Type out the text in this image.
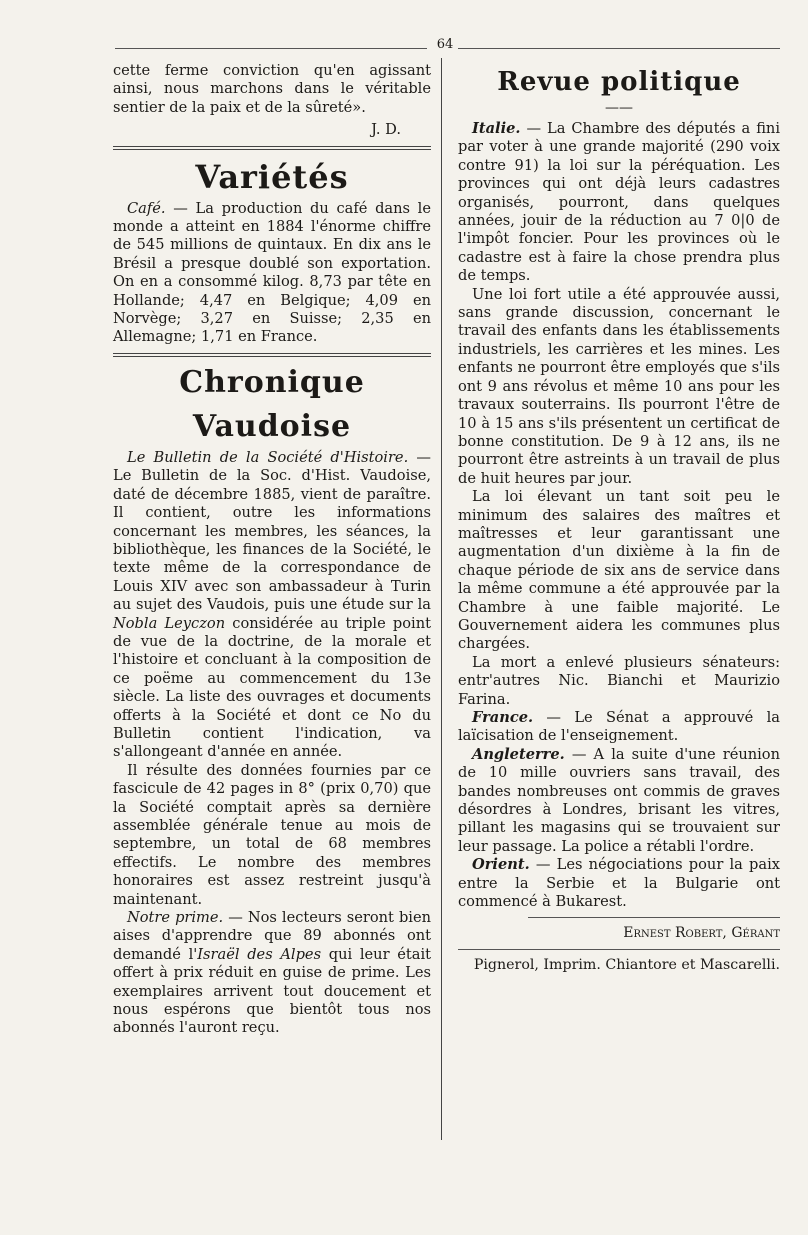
64

cette ferme conviction qu'en agissant ainsi, nous marchons dans le véritable sentier de la paix et de la sûreté».

J. D.

Variétés

Café. — La production du café dans le monde a atteint en 1884 l'énorme chiffre de 545 millions de quintaux. En dix ans le Brésil a presque doublé son exportation. On en a consommé kilog. 8,73 par tête en Hollande; 4,47 en Belgique; 4,09 en Norvège; 3,27 en Suisse; 2,35 en Allemagne; 1,71 en France.

Chronique Vaudoise

Le Bulletin de la Société d'Histoire. — Le Bulletin de la Soc. d'Hist. Vaudoise, daté de décembre 1885, vient de paraître. Il contient, outre les informations concernant les membres, les séances, la bibliothèque, les finances de la Société, le texte même de la correspondance de Louis XIV avec son ambassadeur à Turin au sujet des Vaudois, puis une étude sur la Nobla Leyczon considérée au triple point de vue de la doctrine, de la morale et l'histoire et concluant à la composition de ce poëme au commencement du 13e siècle. La liste des ouvrages et documents offerts à la Société et dont ce No du Bulletin contient l'indication, va s'allongeant d'année en année.

Il résulte des données fournies par ce fascicule de 42 pages in 8° (prix 0,70) que la Société comptait après sa dernière assemblée générale tenue au mois de septembre, un total de 68 membres effectifs. Le nombre des membres honoraires est assez restreint jusqu'à maintenant.

Notre prime. — Nos lecteurs seront bien aises d'apprendre que 89 abonnés ont demandé l'Israël des Alpes qui leur était offert à prix réduit en guise de prime. Les exemplaires arrivent tout doucement et nous espérons que bientôt tous nos abonnés l'auront reçu.

Revue politique
——

Italie. — La Chambre des députés a fini par voter à une grande majorité (290 voix contre 91) la loi sur la péréquation. Les provinces qui ont déjà leurs cadastres organisés, pourront, dans quelques années, jouir de la réduction au 7 0|0 de l'impôt foncier. Pour les provinces où le cadastre est à faire la chose prendra plus de temps.

Une loi fort utile a été approuvée aussi, sans grande discussion, concernant le travail des enfants dans les établissements industriels, les carrières et les mines. Les enfants ne pourront être employés que s'ils ont 9 ans révolus et même 10 ans pour les travaux souterrains. Ils pourront l'être de 10 à 15 ans s'ils présentent un certificat de bonne constitution. De 9 à 12 ans, ils ne pourront être astreints à un travail de plus de huit heures par jour.

La loi élevant un tant soit peu le minimum des salaires des maîtres et maîtresses et leur garantissant une augmentation d'un dixième à la fin de chaque période de six ans de service dans la même commune a été approuvée par la Chambre à une faible majorité. Le Gouvernement aidera les communes plus chargées.

La mort a enlevé plusieurs sénateurs: entr'autres Nic. Bianchi et Maurizio Farina.

France. — Le Sénat a approuvé la laïcisation de l'enseignement.

Angleterre. — A la suite d'une réunion de 10 mille ouvriers sans travail, des bandes nombreuses ont commis de graves désordres à Londres, brisant les vitres, pillant les magasins qui se trouvaient sur leur passage. La police a rétabli l'ordre.

Orient. — Les négociations pour la paix entre la Serbie et la Bulgarie ont commencé à Bukarest.

Ernest Robert, Gérant

Pignerol, Imprim. Chiantore et Mascarelli.
